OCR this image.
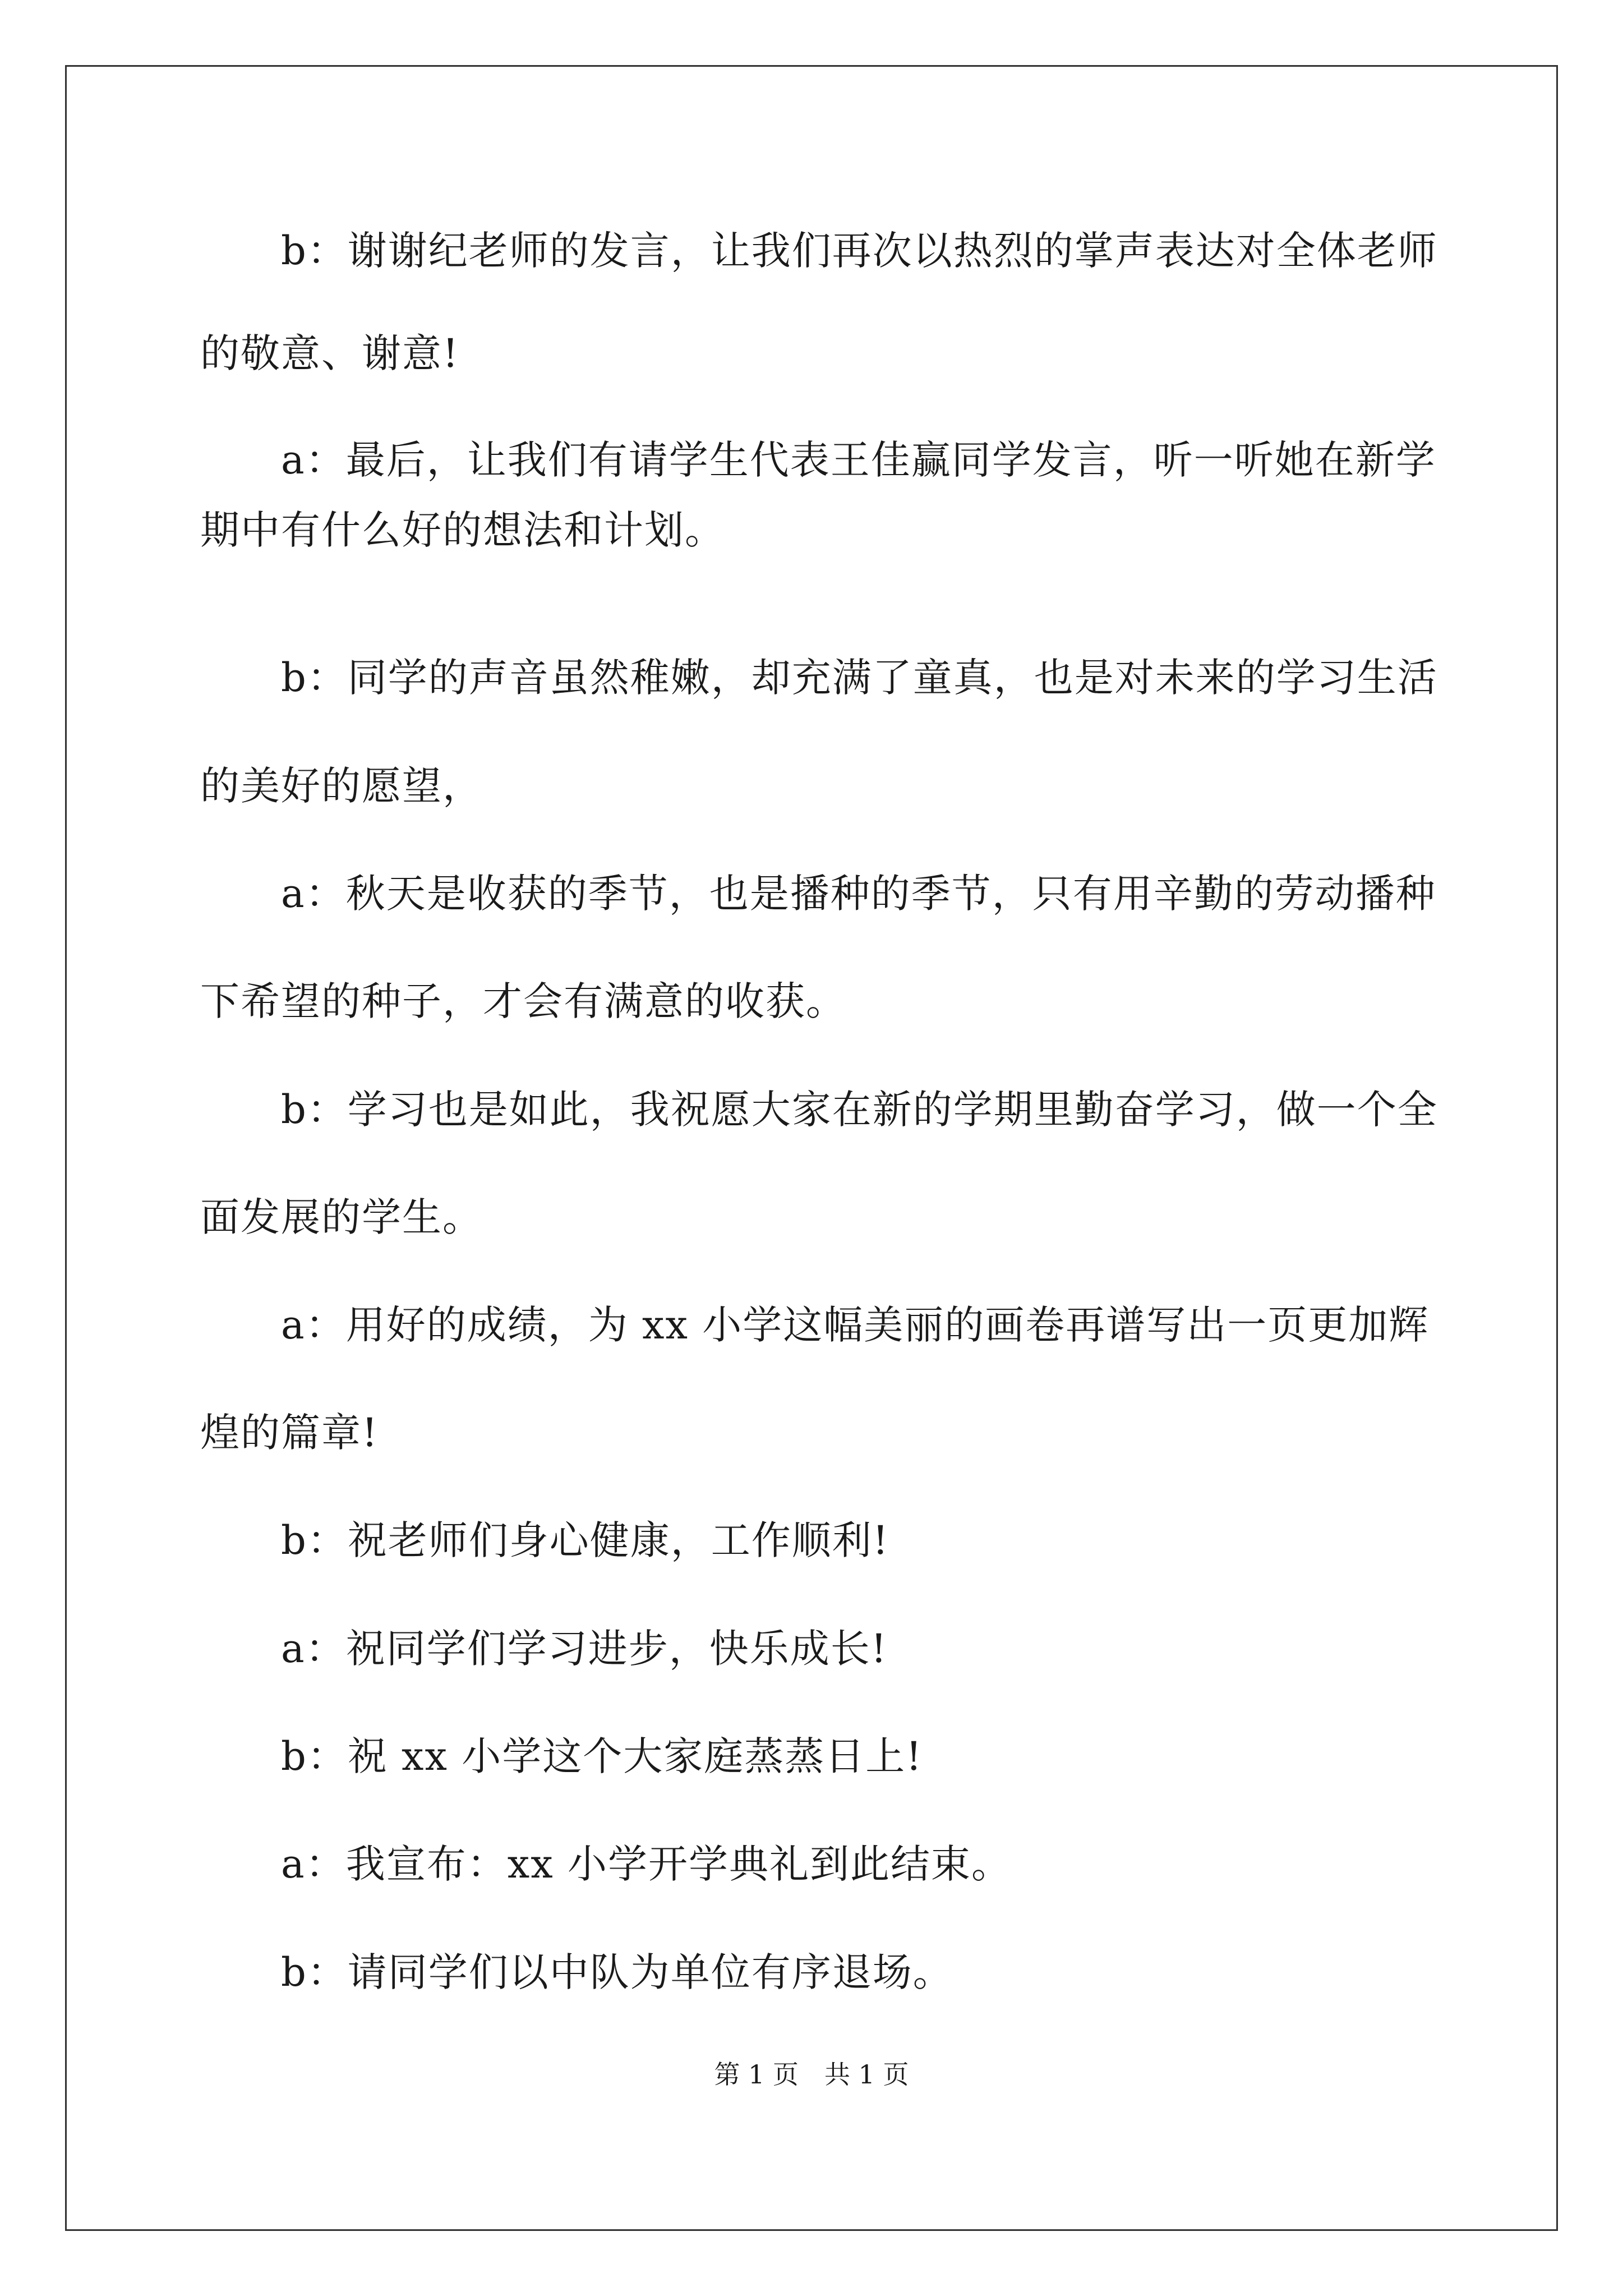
　　b：谢谢纪老师的发言，让我们再次以热烈的掌声表达对全体老师
的敬意、谢意!
　　a：最后，让我们有请学生代表王佳赢同学发言，听一听她在新学
期中有什么好的想法和计划。
　　b：同学的声音虽然稚嫩，却充满了童真，也是对未来的学习生活
的美好的愿望，
　　a：秋天是收获的季节，也是播种的季节，只有用辛勤的劳动播种
下希望的种子，才会有满意的收获。
　　b：学习也是如此，我祝愿大家在新的学期里勤奋学习，做一个全
面发展的学生。
　　a：用好的成绩，为 xx 小学这幅美丽的画卷再谱写出一页更加辉
煌的篇章!
　　b：祝老师们身心健康，工作顺利!
　　a：祝同学们学习进步，快乐成长!
　　b：祝 xx 小学这个大家庭蒸蒸日上!
　　a：我宣布：xx 小学开学典礼到此结束。
　　b：请同学们以中队为单位有序退场。
第 1 页　共 1 页
